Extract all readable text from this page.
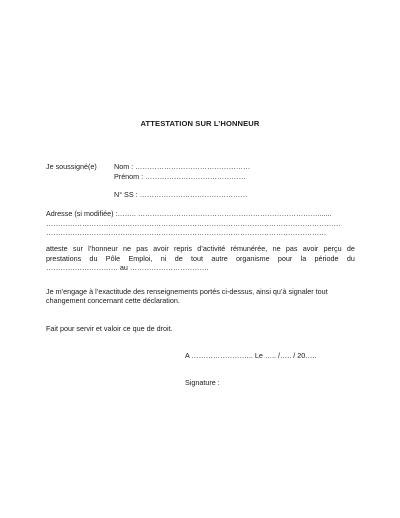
ATTESTATION SUR L’HONNEUR
Je soussigné(e) Nom : …………………………………………
Prénom : ……………………………………
N° SS : ………………………………………
Adresse (si modifiée) :…….. ………………………………………………………………….......
……………………………………………………………………………………………………………
………………………………………………………………………………………………………
atteste sur l’honneur ne pas avoir repris d’activité rémunérée, ne pas avoir perçu de
prestations du Pôle Emploi, ni de tout autre organisme pour la période du
………………………… au ……………………………
Je m’engage à l’exactitude des renseignements portés ci-dessus, ainsi qu’à signaler tout
changement concernant cette déclaration.
Fait pour servir et valoir ce que de droit.
A …………………….. Le ….. /….. / 20…..
Signature :
